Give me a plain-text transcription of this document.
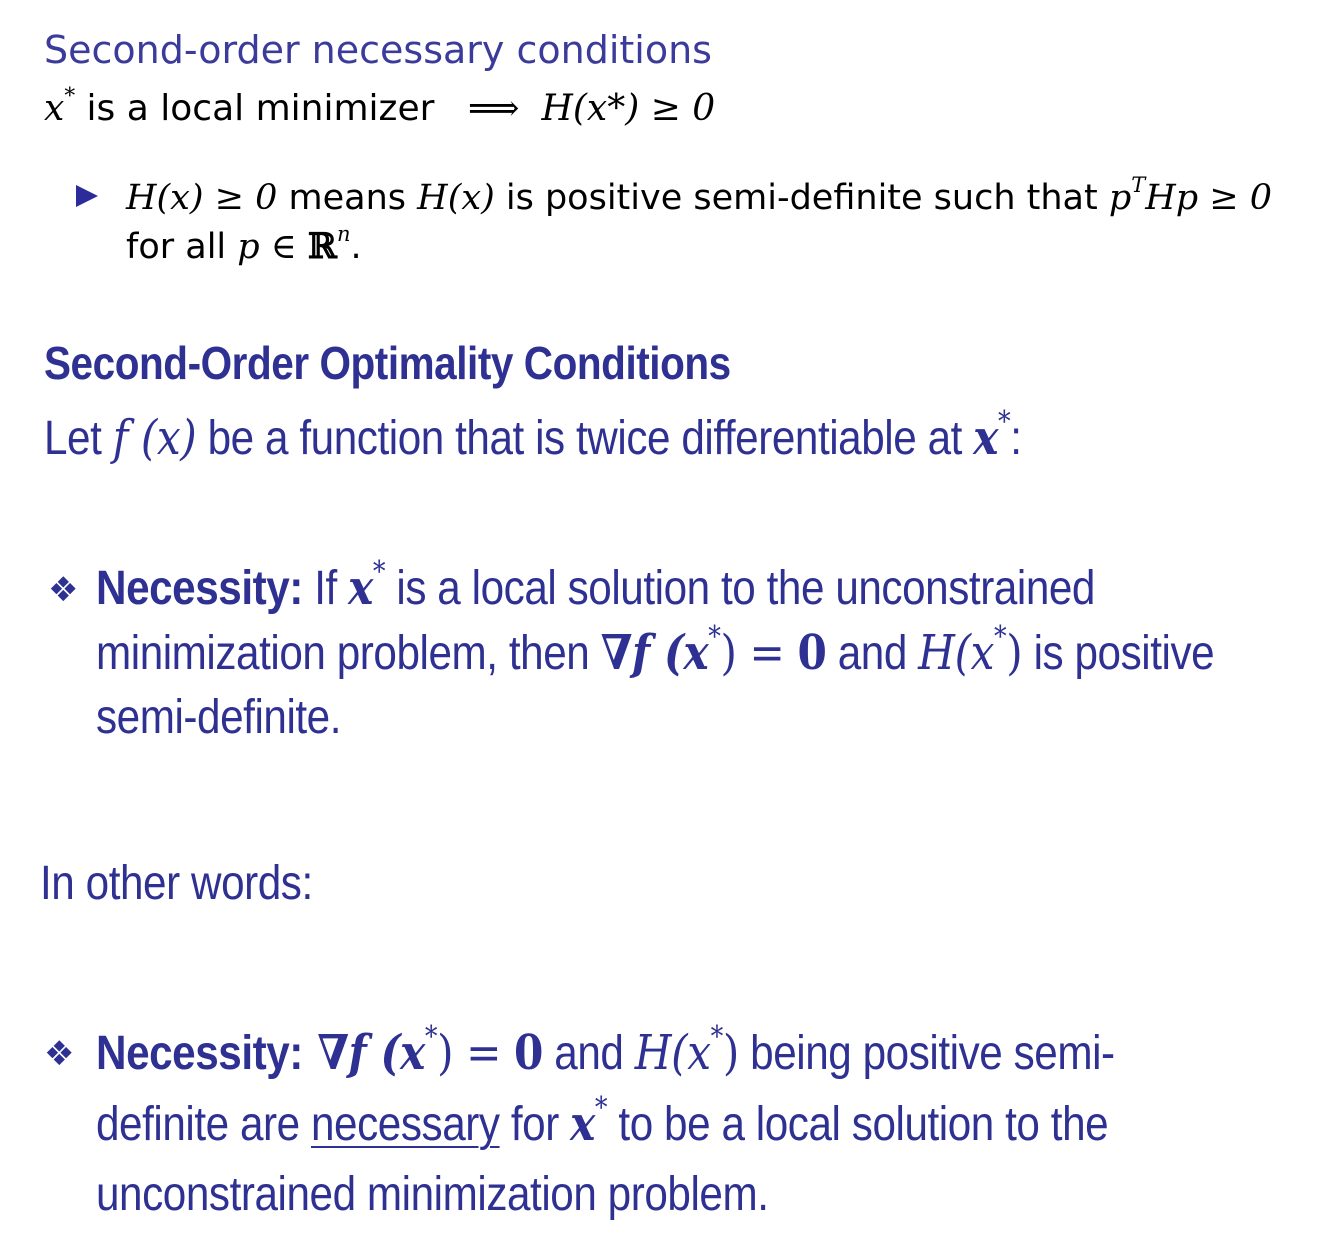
Second-order necessary conditions
x* is a local minimizer ⟹ H(x*) ≥ 0
H(x) ≥ 0 means H(x) is positive semi-definite such that $p^THp \ge 0$
for all p ∈ ℝ$^n$.
Second-Order Optimality Conditions
Let f (x) be a function that is twice differentiable at x*:
❖ Necessity: If x* is a local solution to the unconstrained
minimization problem, then ∇f (x*) = 0 and H(x*) is positive
semi-definite.
In other words:
❖ Necessity: ∇f (x*) = 0 and H(x*) being positive semi-
definite are necessary for x* to be a local solution to the
unconstrained minimization problem.
